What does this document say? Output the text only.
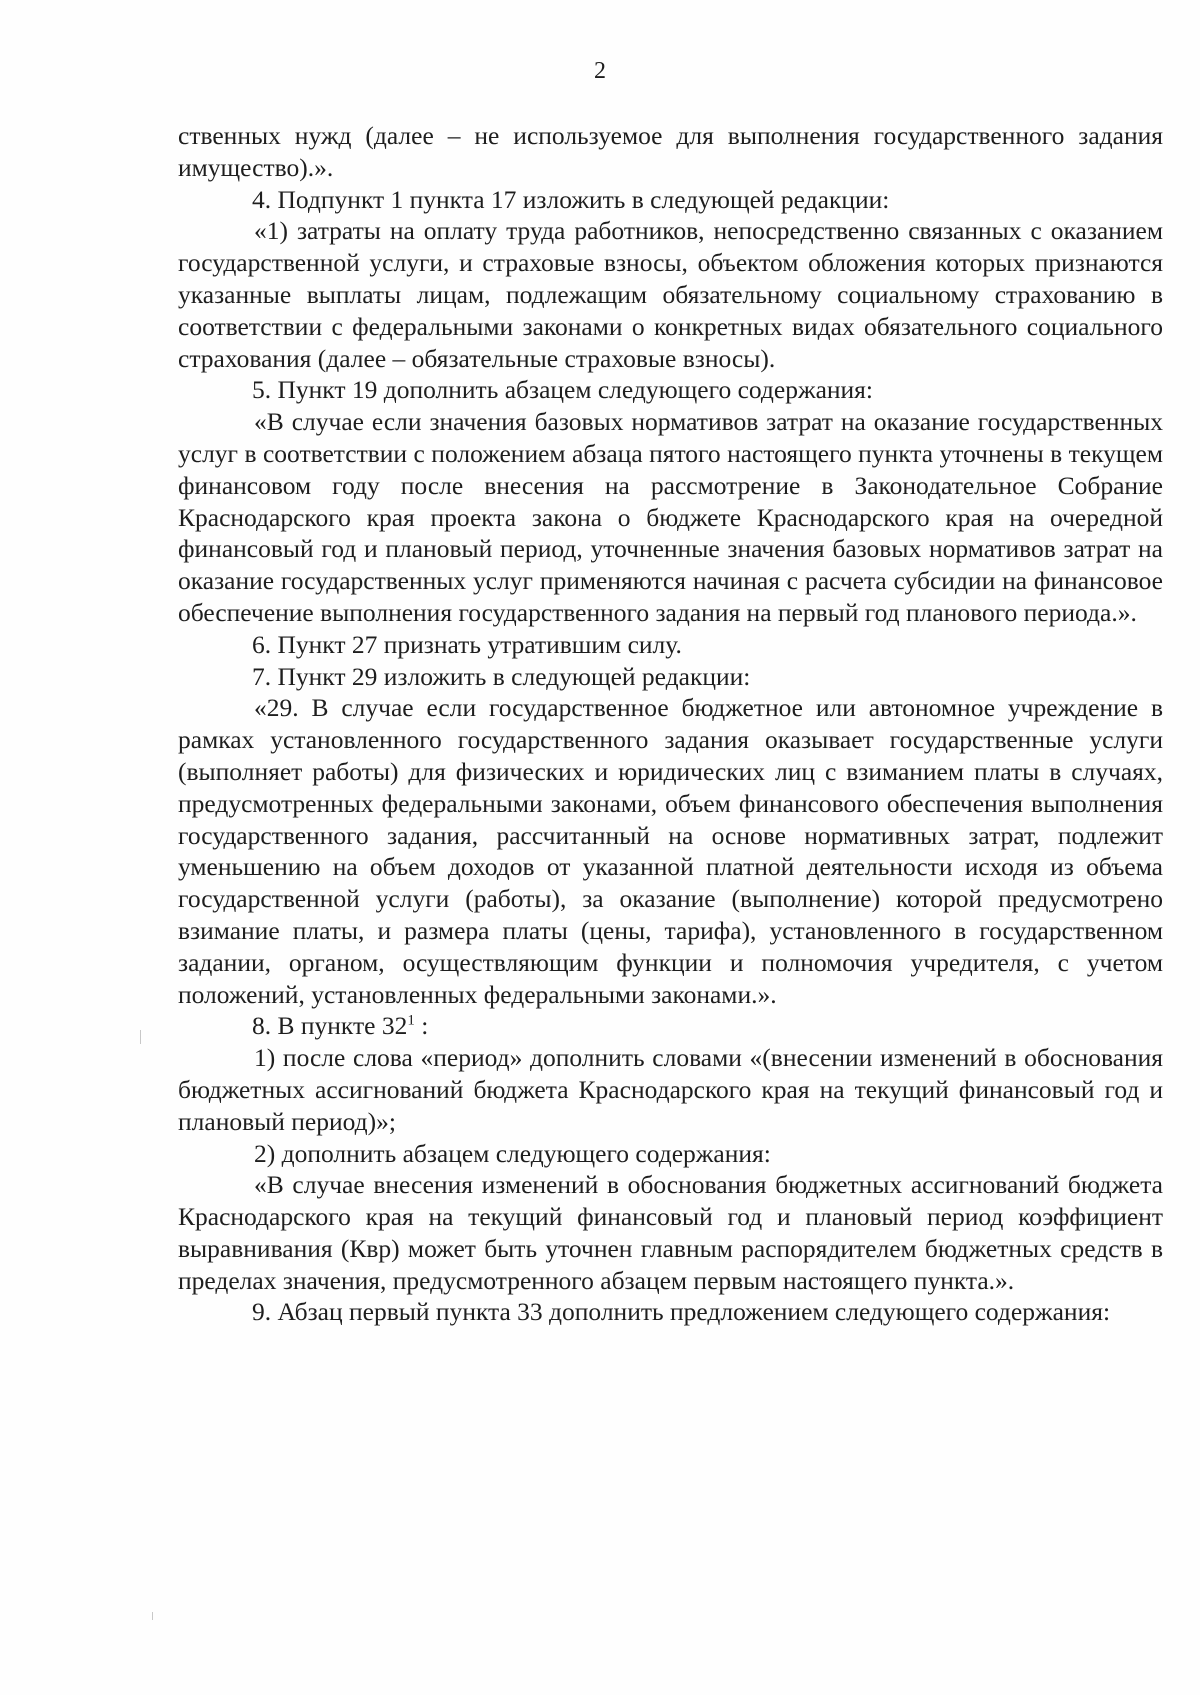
2

ственных нужд (далее – не используемое для выполнения государственного задания имущество).».

4. Подпункт 1 пункта 17 изложить в следующей редакции:

«1) затраты на оплату труда работников, непосредственно связанных с оказанием государственной услуги, и страховые взносы, объектом обложения которых признаются указанные выплаты лицам, подлежащим обязательному социальному страхованию в соответствии с федеральными законами о конкретных видах обязательного социального страхования (далее – обязательные страховые взносы).

5. Пункт 19 дополнить абзацем следующего содержания:

«В случае если значения базовых нормативов затрат на оказание государственных услуг в соответствии с положением абзаца пятого настоящего пункта уточнены в текущем финансовом году после внесения на рассмотрение в Законодательное Собрание Краснодарского края проекта закона о бюджете Краснодарского края на очередной финансовый год и плановый период, уточненные значения базовых нормативов затрат на оказание государственных услуг применяются начиная с расчета субсидии на финансовое обеспечение выполнения государственного задания на первый год планового периода.».

6. Пункт 27 признать утратившим силу.

7. Пункт 29 изложить в следующей редакции:

«29. В случае если государственное бюджетное или автономное учреждение в рамках установленного государственного задания оказывает государственные услуги (выполняет работы) для физических и юридических лиц с взиманием платы в случаях, предусмотренных федеральными законами, объем финансового обеспечения выполнения государственного задания, рассчитанный на основе нормативных затрат, подлежит уменьшению на объем доходов от указанной платной деятельности исходя из объема государственной услуги (работы), за оказание (выполнение) которой предусмотрено взимание платы, и размера платы (цены, тарифа), установленного в государственном задании, органом, осуществляющим функции и полномочия учредителя, с учетом положений, установленных федеральными законами.».

8. В пункте $32^1$ :

1) после слова «период» дополнить словами «(внесении изменений в обоснования бюджетных ассигнований бюджета Краснодарского края на текущий финансовый год и плановый период)»;

2) дополнить абзацем следующего содержания:

«В случае внесения изменений в обоснования бюджетных ассигнований бюджета Краснодарского края на текущий финансовый год и плановый период коэффициент выравнивания (Квр) может быть уточнен главным распорядителем бюджетных средств в пределах значения, предусмотренного абзацем первым настоящего пункта.».

9. Абзац первый пункта 33 дополнить предложением следующего содержания:
